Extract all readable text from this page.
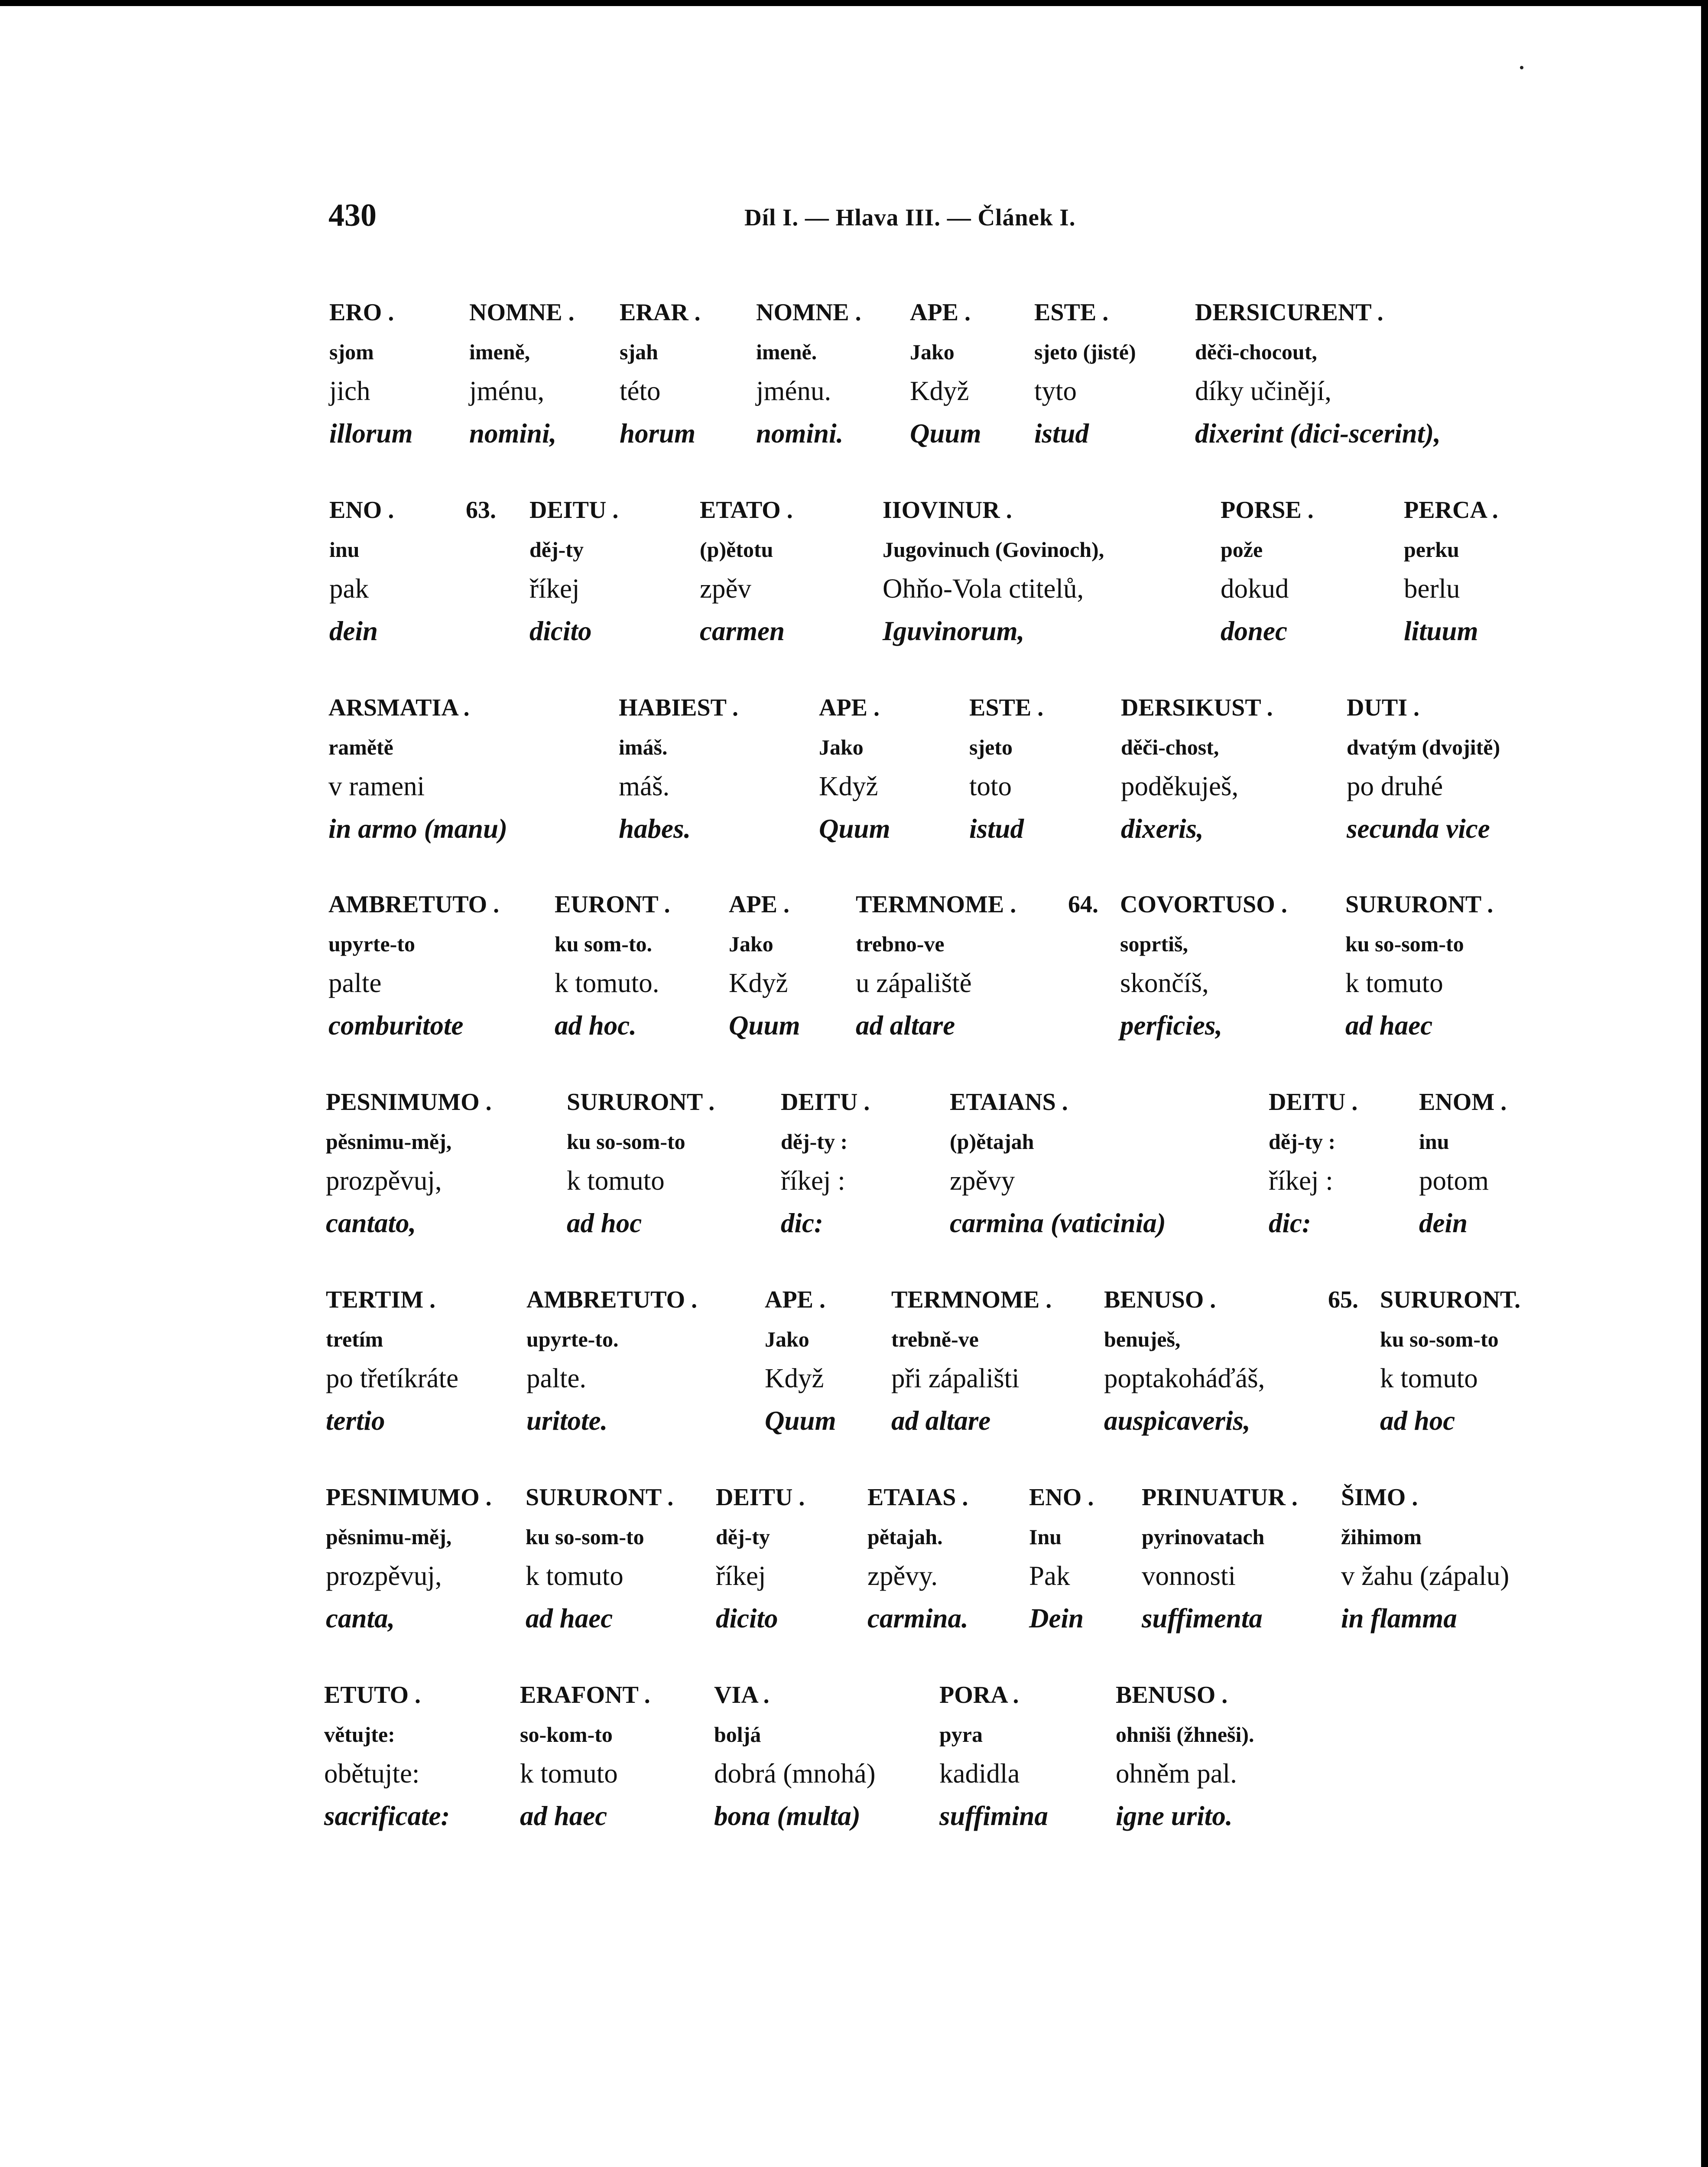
430	Díl I. — Hlava III. — Článek I.
ERO .
sjom
jich
illorum
NOMNE .
imeně,
jménu,
nomini,
ERAR .
sjah
této
horum
NOMNE .
imeně.
jménu.
nomini.
APE .
Jako
Když
Quum
ESTE .
sjeto (jisté)
tyto
istud
DERSICURENT .
děči-chocout,
díky učinějí,
dixerint (dici-scerint),
ENO .
inu
pak
dein
63. DEITU .
děj-ty
říkej
dicito
ETATO .
(p)ětotu
zpěv
carmen
IIOVINUR .
Jugovinuch (Govinoch),
Ohňo-Vola ctitelů,
Iguvinorum,
PORSE .
pože
dokud
donec
PERCA .
perku
berlu
lituum
ARSMATIA .
ramětě
v rameni
in armo (manu)
HABIEST .
imáš.
máš.
habes.
APE .
Jako
Když
Quum
ESTE .
sjeto
toto
istud
DERSIKUST .
děči-chost,
poděkuješ,
dixeris,
DUTI .
dvatým (dvojitě)
po druhé
secunda vice
AMBRETUTO .
upyrte-to
palte
comburitote
EURONT .
ku som-to.
k tomuto.
ad hoc.
APE .
Jako
Když
Quum
TERMNOME .
trebno-ve
u zápaliště
ad altare
64. COVORTUSO .
soprtiš,
skončíš,
perficies,
SURURONT .
ku so-som-to
k tomuto
ad haec
PESNIMUMO .
pěsnimu-měj,
prozpěvuj,
cantato,
SURURONT .
ku so-som-to
k tomuto
ad hoc
DEITU .
děj-ty :
říkej :
dic:
ETAIANS .
(p)ětajah
zpěvy
carmina (vaticinia)
DEITU .
děj-ty :
říkej :
dic:
ENOM .
inu
potom
dein
TERTIM .
tretím
po třetíkráte
tertio
AMBRETUTO .
upyrte-to.
palte.
uritote.
APE .
Jako
Když
Quum
TERMNOME .
trebně-ve
při zápališti
ad altare
BENUSO .
benuješ,
poptakoháďáš,
auspicaveris,
65. SURURONT.
ku so-som-to
k tomuto
ad hoc
PESNIMUMO .
pěsnimu-měj,
prozpěvuj,
canta,
SURURONT .
ku so-som-to
k tomuto
ad haec
DEITU .
děj-ty
říkej
dicito
ETAIAS .
pětajah.
zpěvy.
carmina.
ENO .
Inu
Pak
Dein
PRINUATUR .
pyrinovatach
vonnosti
suffimenta
ŠIMO .
žihimom
v žahu (zápalu)
in flamma
ETUTO .
větujte:
obětujte:
sacrificate:
ERAFONT .
so-kom-to
k tomuto
ad haec
VIA .
boljá
dobrá (mnohá)
bona (multa)
PORA .
pyra
kadidla
suffimina
BENUSO .
ohniši (žhneši).
ohněm pal.
igne urito.
